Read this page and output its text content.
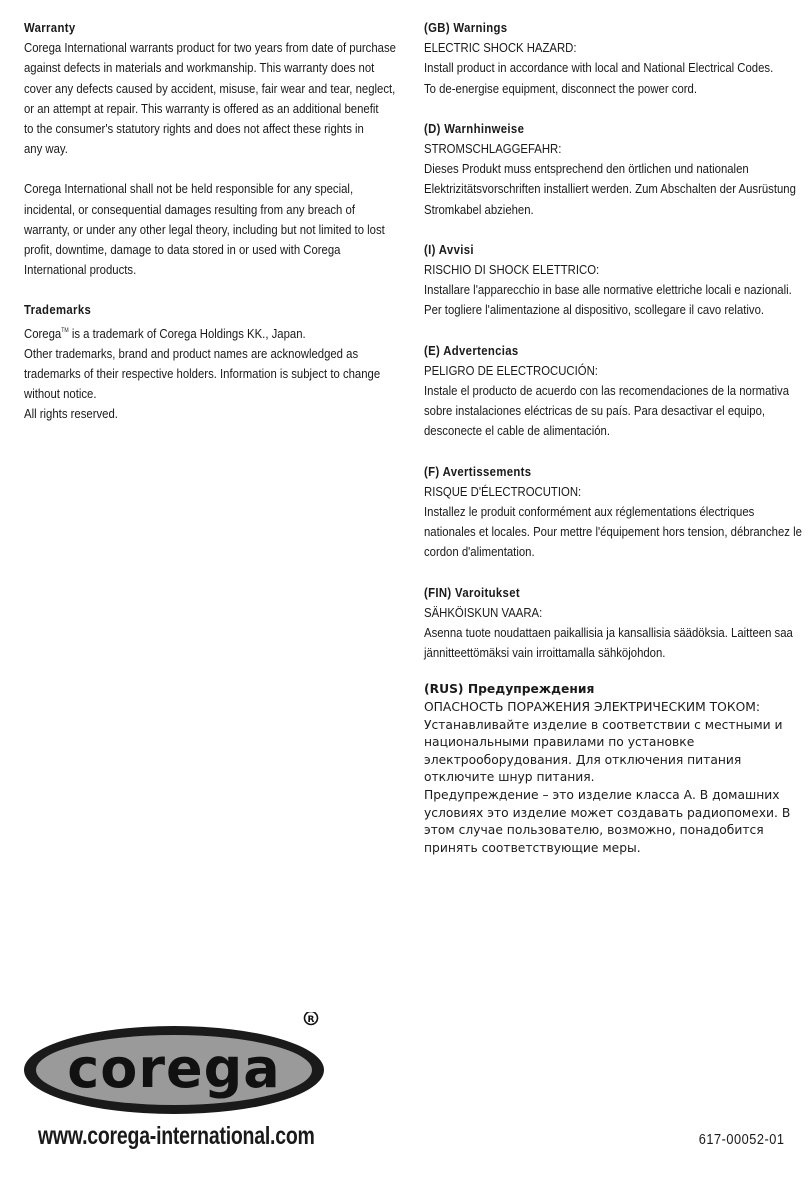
Warranty
Corega International warrants product for two years from date of purchase
against defects in materials and workmanship. This warranty does not
cover any defects caused by accident, misuse, fair wear and tear, neglect,
or an attempt at repair. This warranty is offered as an additional benefit
to the consumer's statutory rights and does not affect these rights in
any way.
Corega International shall not be held responsible for any special,
incidental, or consequential damages resulting from any breach of
warranty, or under any other legal theory, including but not limited to lost
profit, downtime, damage to data stored in or used with Corega
International products.
Trademarks
Corega™ is a trademark of Corega Holdings KK., Japan.
Other trademarks, brand and product names are acknowledged as
trademarks of their respective holders. Information is subject to change
without notice.
All rights reserved.
(GB) Warnings
ELECTRIC SHOCK HAZARD:
Install product in accordance with local and National Electrical Codes.
To de-energise equipment, disconnect the power cord.
(D) Warnhinweise
STROMSCHLAGGEFAHR:
Dieses Produkt muss entsprechend den örtlichen und nationalen
Elektrizitätsvorschriften installiert werden. Zum Abschalten der Ausrüstung
Stromkabel abziehen.
(I) Avvisi
RISCHIO DI SHOCK ELETTRICO:
Installare l'apparecchio in base alle normative elettriche locali e nazionali.
Per togliere l'alimentazione al dispositivo, scollegare il cavo relativo.
(E) Advertencias
PELIGRO DE ELECTROCUCIÓN:
Instale el producto de acuerdo con las recomendaciones de la normativa
sobre instalaciones eléctricas de su país. Para desactivar el equipo,
desconecte el cable de alimentación.
(F) Avertissements
RISQUE D'ÉLECTROCUTION:
Installez le produit conformément aux réglementations électriques
nationales et locales. Pour mettre l'équipement hors tension, débranchez le
cordon d'alimentation.
(FIN) Varoitukset
SÄHKÖISKUN VAARA:
Asenna tuote noudattaen paikallisia ja kansallisia säädöksia. Laitteen saa
jännitteettömäksi vain irroittamalla sähköjohdon.
(RUS) Предупреждения
ОПАСНОСТЬ ПОРАЖЕНИЯ ЭЛЕКТРИЧЕСКИМ ТОКОМ:
Устанавливайте изделие в соответствии с местными и
национальными правилами по установке
электрооборудования. Для отключения питания
отключите шнур питания.
Предупреждение – это изделие класса А. В домашних
условиях это изделие может создавать радиопомехи. В
этом случае пользователю, возможно, понадобится
принять соответствующие меры.
corega
R
www.corega-international.com	617-00052-01
